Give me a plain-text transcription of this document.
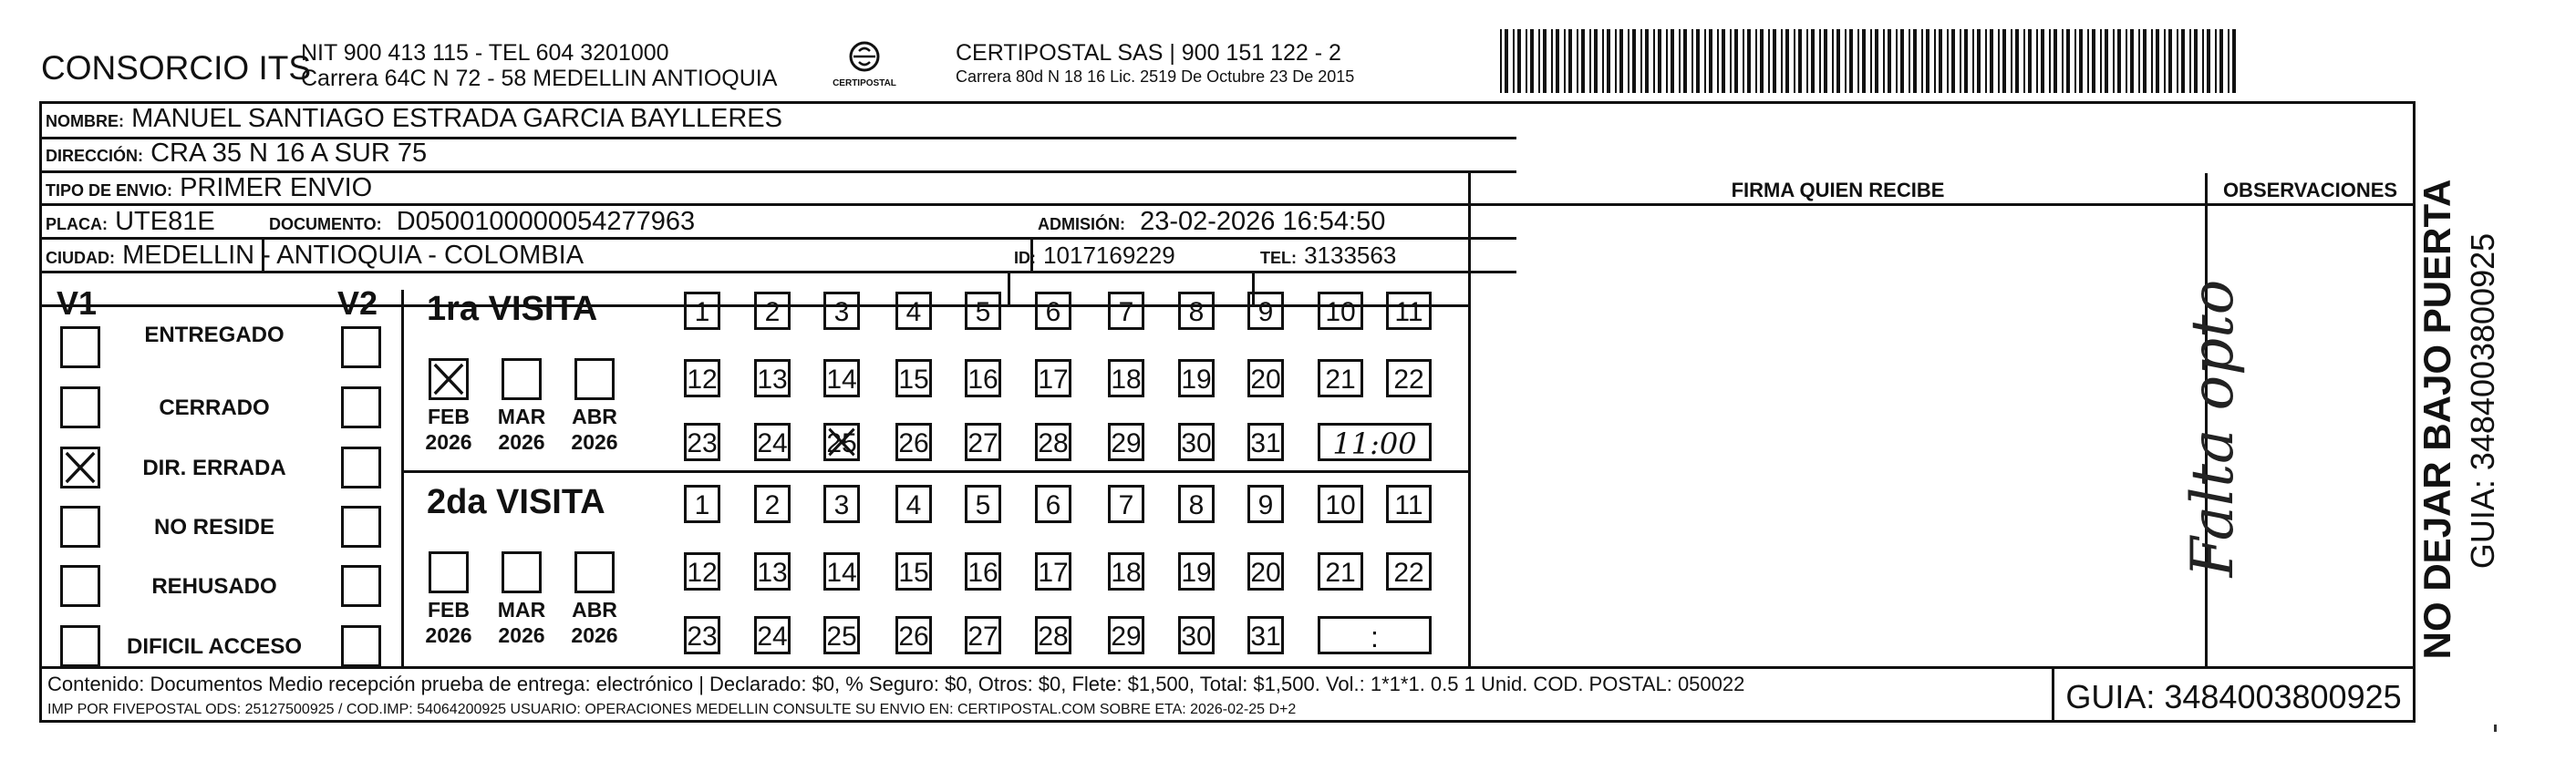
CONSORCIO ITS
NIT 900 413 115 - TEL 604 3201000
Carrera 64C N 72 - 58 MEDELLIN ANTIOQUIA	CERTIPOSTAL
CERTIPOSTAL SAS | 900 151 122 - 2
Carrera 80d N 18 16 Lic. 2519 De Octubre 23 De 2015
NOMBRE: MANUEL SANTIAGO ESTRADA GARCIA BAYLLERES
DIRECCIÓN: CRA 35 N 16 A SUR 75
TIPO DE ENVIO: PRIMER ENVIO
PLACA: UTE81E	DOCUMENTO: D0500100000054277963	ADMISIÓN: 23-02-2026 16:54:50
CIUDAD: MEDELLIN - ANTIOQUIA - COLOMBIA	ID: 1017169229	TEL: 3133563
FIRMA QUIEN RECIBE	OBSERVACIONES
Falta opto
V1	V2
ENTREGADO
CERRADO
DIR. ERRADA
NO RESIDE
REHUSADO
DIFICIL ACCESO
1ra VISITA
2da VISITA
FEB
2026
MAR
2026
ABR
2026
1	2	3	4	5	6	7	8	9	10	11
12 13 14 15 16 17 18 19 20 21 22
23 24 25 26 27 28 29 30 31	11:00
FEB
2026
MAR
2026
ABR
2026
1	2	3	4	5	6	7	8	9	10	11
12 13 14 15 16 17 18 19 20 21 22
23 24 25 26 27 28 29 30 31	:	NO DEJAR BAJO PUERTA GUIA: 3484003800925
Contenido: Documentos Medio recepción prueba de entrega: electrónico | Declarado: $0, % Seguro: $0, Otros: $0, Flete: $1,500, Total: $1,500. Vol.: 1*1*1. 0.5 1 Unid. COD. POSTAL: 050022
IMP POR FIVEPOSTAL ODS: 25127500925 / COD.IMP: 54064200925 USUARIO: OPERACIONES MEDELLIN CONSULTE SU ENVIO EN: CERTIPOSTAL.COM SOBRE ETA: 2026-02-25 D+2	GUIA: 3484003800925
